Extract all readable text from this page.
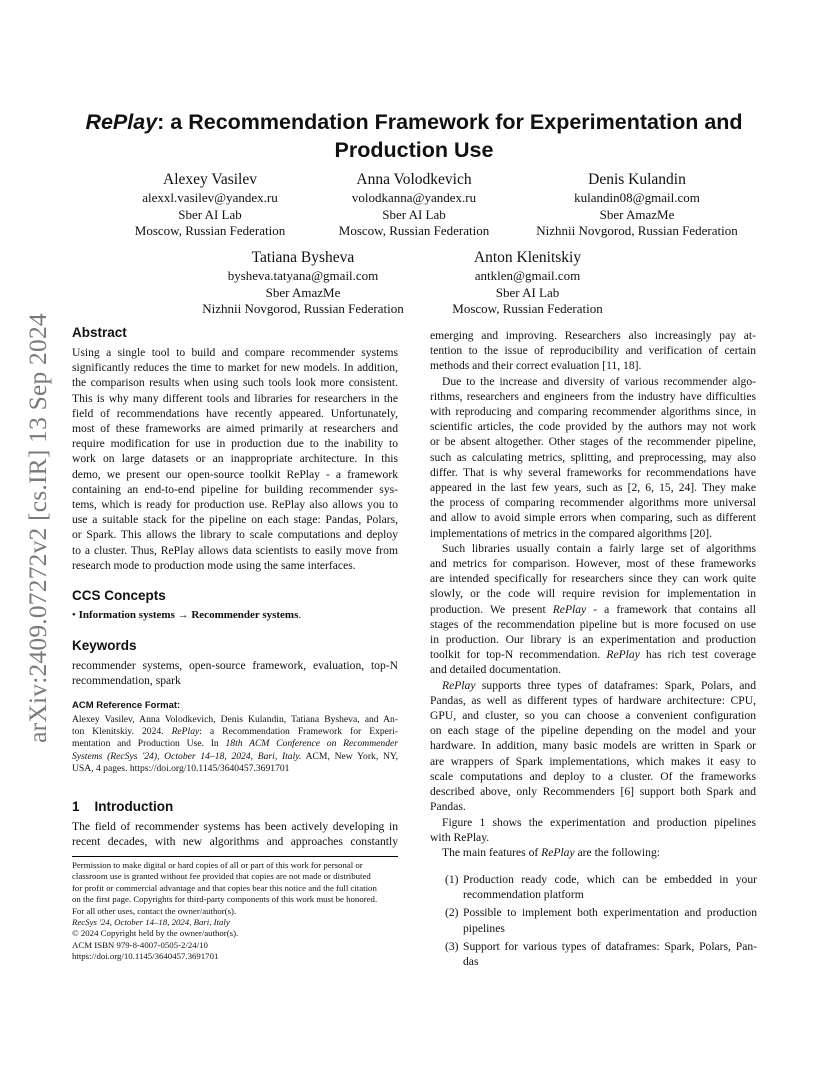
arXiv:2409.07272v2 [cs.IR] 13 Sep 2024
RePlay: a Recommendation Framework for Experimentation and
Production Use
Alexey Vasilev
alexxl.vasilev@yandex.ru
Sber AI Lab
Moscow, Russian Federation
Anna Volodkevich
volodkanna@yandex.ru
Sber AI Lab
Moscow, Russian Federation
Denis Kulandin
kulandin08@gmail.com
Sber AmazMe
Nizhnii Novgorod, Russian Federation
Tatiana Bysheva
bysheva.tatyana@gmail.com
Sber AmazMe
Nizhnii Novgorod, Russian Federation
Anton Klenitskiy
antklen@gmail.com
Sber AI Lab
Moscow, Russian Federation
Abstract

Using a single tool to build and compare recommender systems
significantly reduces the time to market for new models. In addition,
the comparison results when using such tools look more consistent.
This is why many different tools and libraries for researchers in the
field of recommendations have recently appeared. Unfortunately,
most of these frameworks are aimed primarily at researchers and
require modification for use in production due to the inability to
work on large datasets or an inappropriate architecture. In this
demo, we present our open-source toolkit RePlay - a framework
containing an end-to-end pipeline for building recommender sys-
tems, which is ready for production use. RePlay also allows you to
use a suitable stack for the pipeline on each stage: Pandas, Polars,
or Spark. This allows the library to scale computations and deploy
to a cluster. Thus, RePlay allows data scientists to easily move from
research mode to production mode using the same interfaces.

CCS Concepts

• Information systems → Recommender systems.

Keywords

recommender systems, open-source framework, evaluation, top-N
recommendation, spark

ACM Reference Format:
Alexey Vasilev, Anna Volodkevich, Denis Kulandin, Tatiana Bysheva, and An-
ton Klenitskiy. 2024. RePlay: a Recommendation Framework for Experi-
mentation and Production Use. In 18th ACM Conference on Recommender
Systems (RecSys '24), October 14–18, 2024, Bari, Italy. ACM, New York, NY,
USA, 4 pages. https://doi.org/10.1145/3640457.3691701
1 Introduction

The field of recommender systems has been actively developing in
recent decades, with new algorithms and approaches constantly

Permission to make digital or hard copies of all or part of this work for personal or
classroom use is granted without fee provided that copies are not made or distributed
for profit or commercial advantage and that copies bear this notice and the full citation
on the first page. Copyrights for third-party components of this work must be honored.
For all other uses, contact the owner/author(s).
RecSys '24, October 14–18, 2024, Bari, Italy
© 2024 Copyright held by the owner/author(s).
ACM ISBN 979-8-4007-0505-2/24/10
https://doi.org/10.1145/3640457.3691701

emerging and improving. Researchers also increasingly pay at-
tention to the issue of reproducibility and verification of certain
methods and their correct evaluation [11, 18].

Due to the increase and diversity of various recommender algo-
rithms, researchers and engineers from the industry have difficulties
with reproducing and comparing recommender algorithms since, in
scientific articles, the code provided by the authors may not work
or be absent altogether. Other stages of the recommender pipeline,
such as calculating metrics, splitting, and preprocessing, may also
differ. That is why several frameworks for recommendations have
appeared in the last few years, such as [2, 6, 15, 24]. They make
the process of comparing recommender algorithms more universal
and allow to avoid simple errors when comparing, such as different
implementations of metrics in the compared algorithms [20].

Such libraries usually contain a fairly large set of algorithms
and metrics for comparison. However, most of these frameworks
are intended specifically for researchers since they can work quite
slowly, or the code will require revision for implementation in
production. We present RePlay - a framework that contains all
stages of the recommendation pipeline but is more focused on use
in production. Our library is an experimentation and production
toolkit for top-N recommendation. RePlay has rich test coverage
and detailed documentation.

RePlay supports three types of dataframes: Spark, Polars, and
Pandas, as well as different types of hardware architecture: CPU,
GPU, and cluster, so you can choose a convenient configuration
on each stage of the pipeline depending on the model and your
hardware. In addition, many basic models are written in Spark or
are wrappers of Spark implementations, which makes it easy to
scale computations and deploy to a cluster. Of the frameworks
described above, only Recommenders [6] support both Spark and
Pandas.

Figure 1 shows the experimentation and production pipelines
with RePlay.

The main features of RePlay are the following:

(1) Production ready code, which can be embedded in your
recommendation platform
(2) Possible to implement both experimentation and production
pipelines
(3) Support for various types of dataframes: Spark, Polars, Pan-
das
